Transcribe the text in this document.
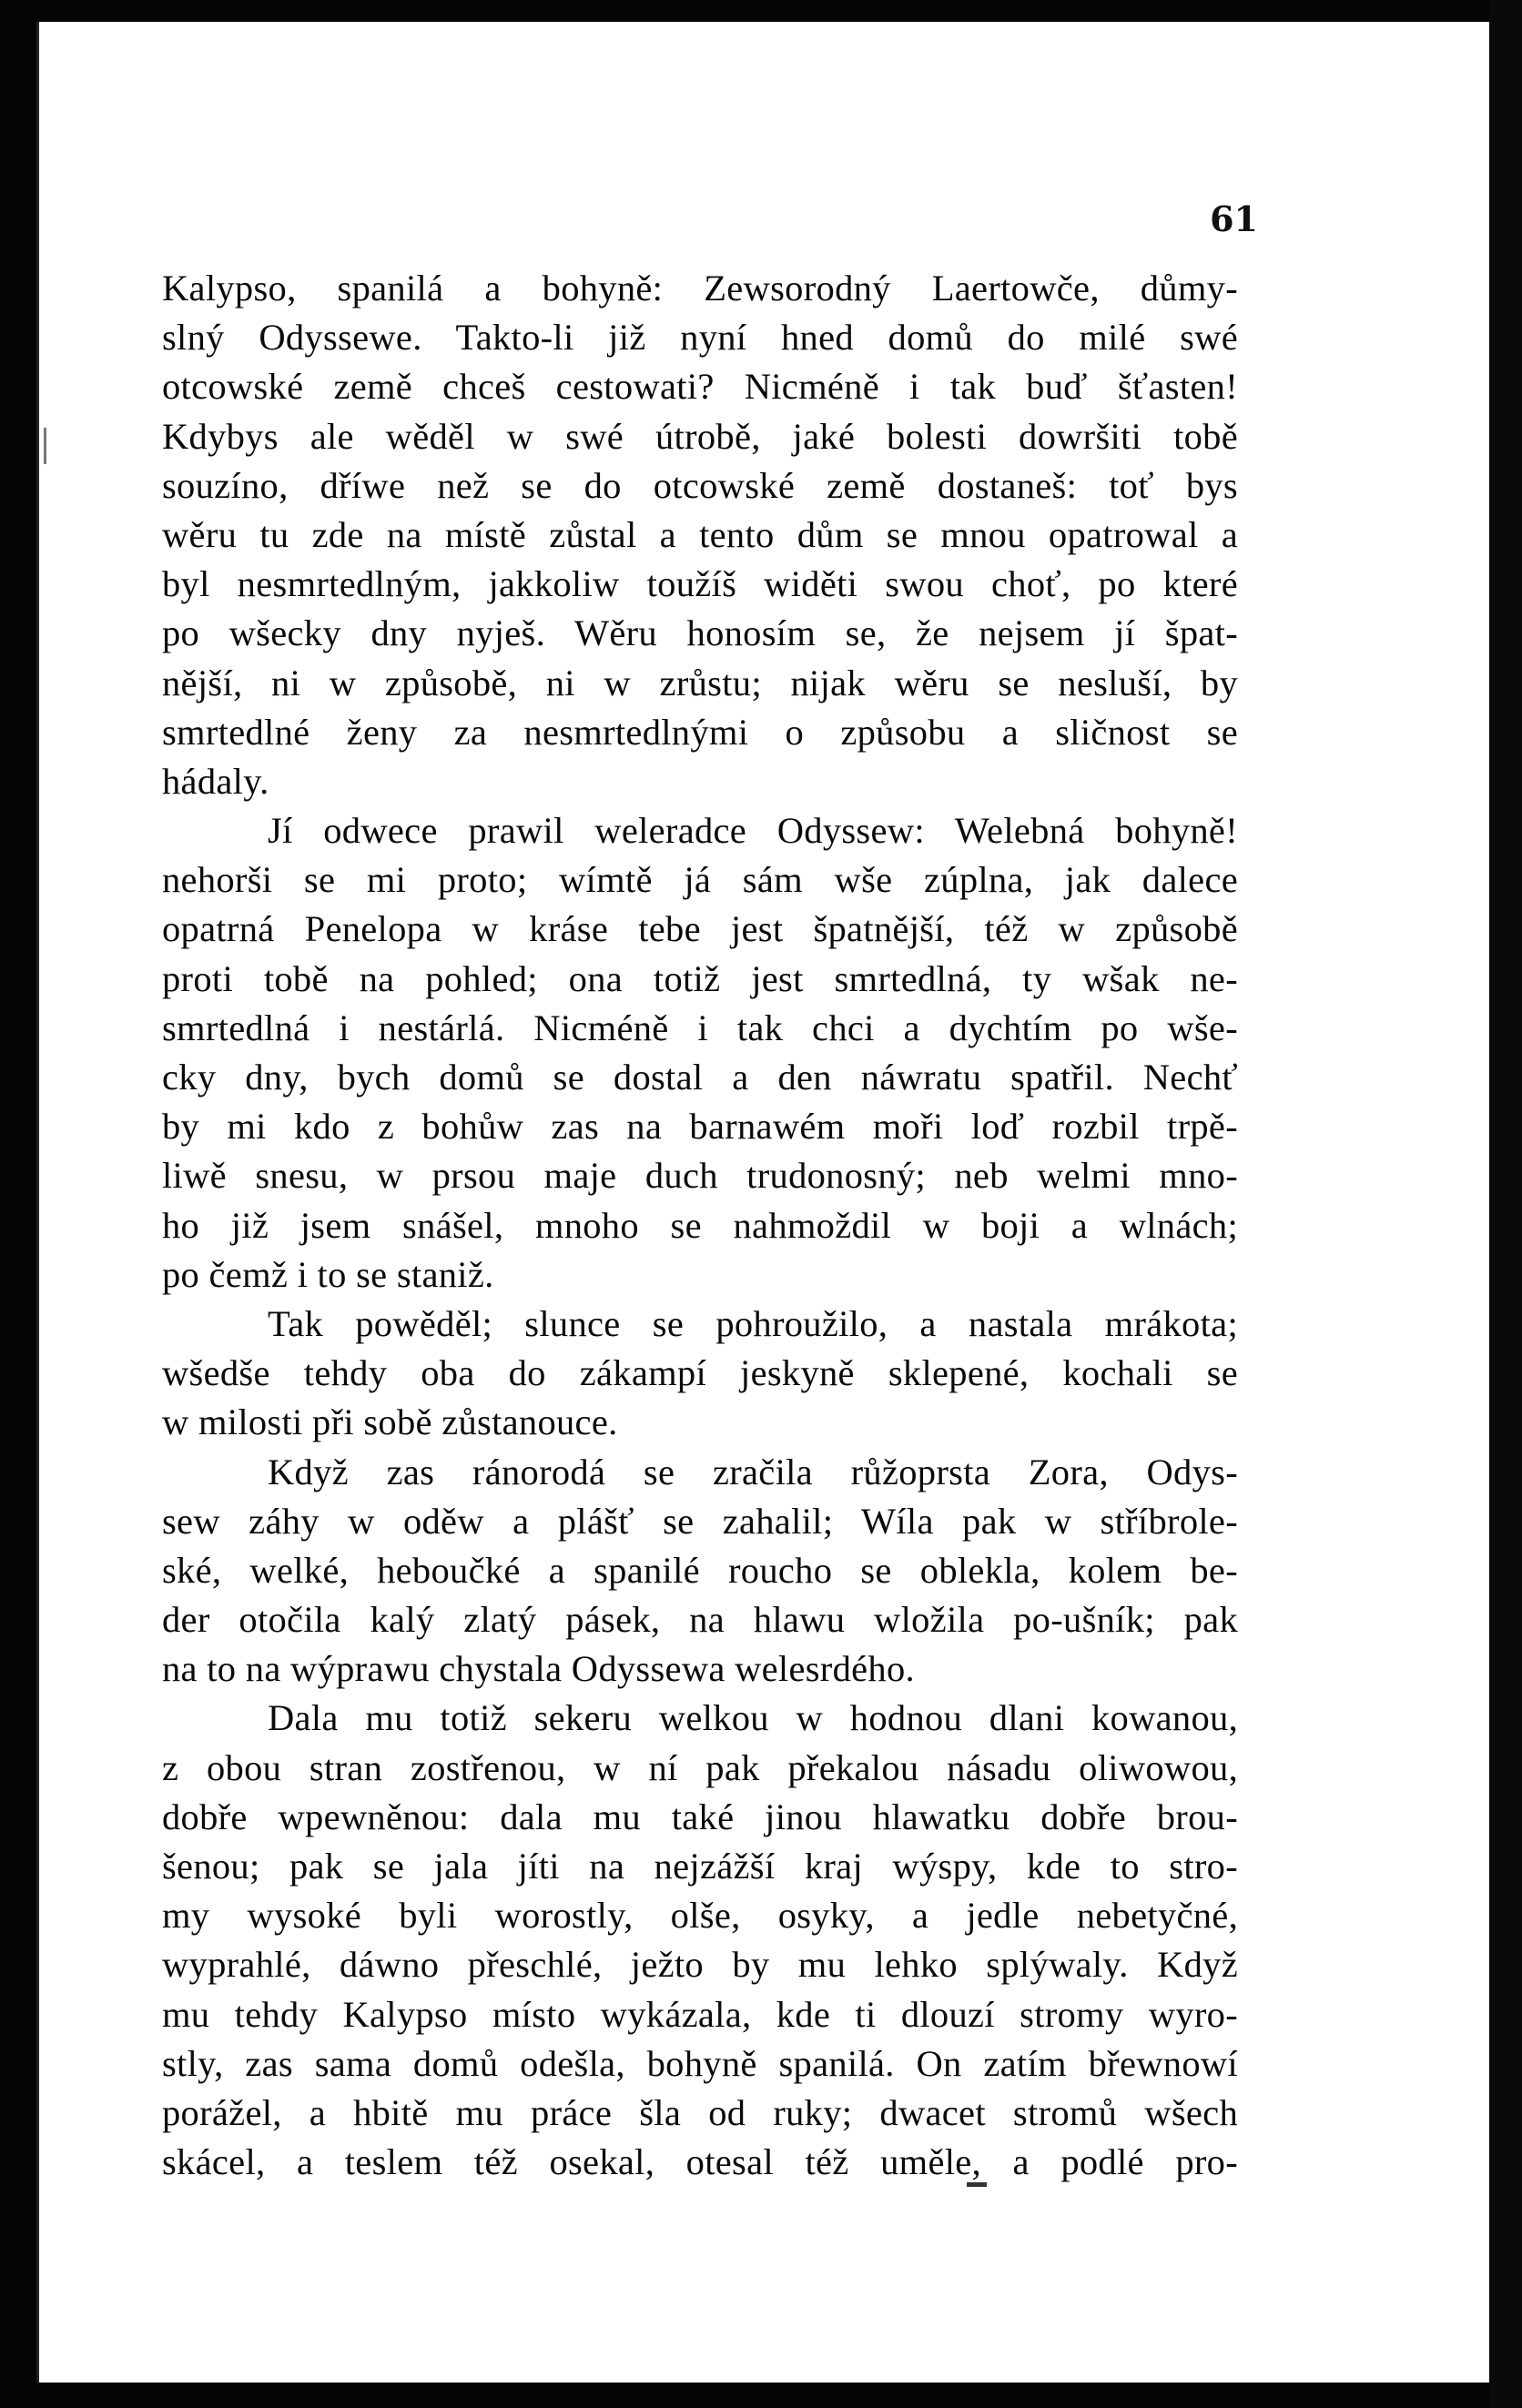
61
Kalypso, spanilá a bohyně: Zewsorodný Laertowče, důmy-
slný Odyssewe. Takto-li již nyní hned domů do milé swé
otcowské země chceš cestowati? Nicméně i tak buď šťasten!
Kdybys ale wěděl w swé útrobě, jaké bolesti dowršiti tobě
souzíno, dříwe než se do otcowské země dostaneš: toť bys
wěru tu zde na místě zůstal a tento dům se mnou opatrowal a
byl nesmrtedlným, jakkoliw toužíš widěti swou choť, po které
po wšecky dny nyješ. Wěru honosím se, že nejsem jí špat-
nější, ni w způsobě, ni w zrůstu; nijak wěru se nesluší, by
smrtedlné ženy za nesmrtedlnými o způsobu a sličnost se
hádaly.
Jí odwece prawil weleradce Odyssew: Welebná bohyně!
nehorši se mi proto; wímtě já sám wše zúplna, jak dalece
opatrná Penelopa w kráse tebe jest špatnější, též w způsobě
proti tobě na pohled; ona totiž jest smrtedlná, ty wšak ne-
smrtedlná i nestárlá. Nicméně i tak chci a dychtím po wše-
cky dny, bych domů se dostal a den náwratu spatřil. Nechť
by mi kdo z bohůw zas na barnawém moři loď rozbil trpě-
liwě snesu, w prsou maje duch trudonosný; neb welmi mno-
ho již jsem snášel, mnoho se nahmoždil w boji a wlnách;
po čemž i to se staniž.
Tak powěděl; slunce se pohroužilo, a nastala mrákota;
wšedše tehdy oba do zákampí jeskyně sklepené, kochali se
w milosti při sobě zůstanouce.
Když zas ránorodá se zračila růžoprsta Zora, Odys-
sew záhy w oděw a plášť se zahalil; Wíla pak w stříbrole-
ské, welké, hebоučké a spanilé roucho se oblekla, kolem be-
der otočila kalý zlatý pásek, na hlawu wložila po-ušník; pak
na to na wýprawu chystala Odyssewa welesrdého.
Dala mu totiž sekeru welkou w hodnou dlani kowanou,
z obou stran zostřenou, w ní pak překalou násadu oliwowou,
dobře wpewněnou: dala mu také jinou hlawatku dobře brou-
šenou; pak se jala jíti na nejzážší kraj wýspy, kde to stro-
my wysoké byli worostly, olše, osyky, a jedle nebetyčné,
wyprahlé, dáwno přeschlé, ježto by mu lehko splýwaly. Když
mu tehdy Kalypso místo wykázala, kde ti dlouzí stromy wyro-
stly, zas sama domů odešla, bohyně spanilá. On zatím břewnowí
porážel, a hbitě mu práce šla od ruky; dwacet stromů wšech
skácel, a teslem též osekal, otesal též uměle, a podlé pro-
